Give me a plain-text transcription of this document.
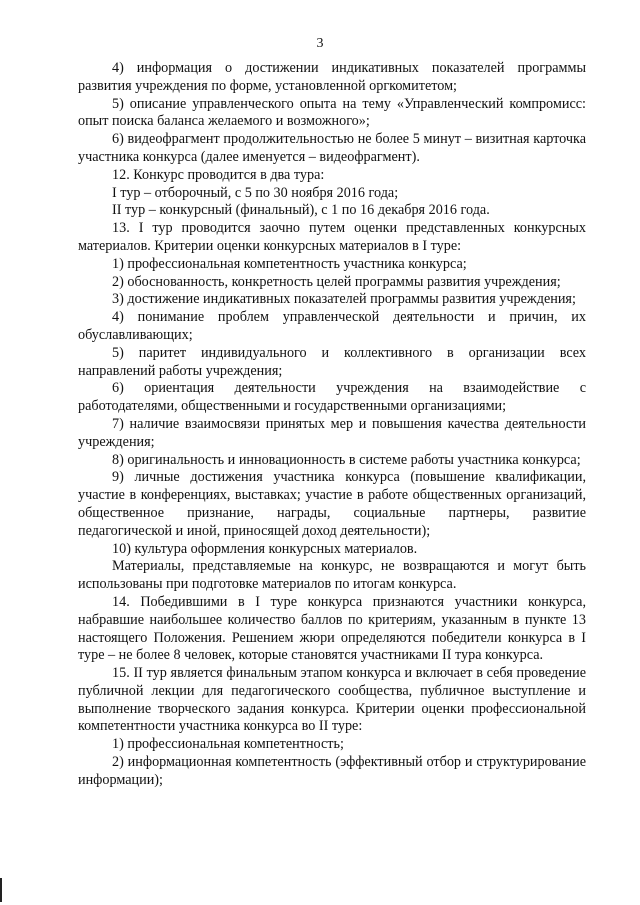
3

4) информация о достижении индикативных показателей программы развития учреждения по форме, установленной оргкомитетом;

5) описание управленческого опыта на тему «Управленческий компромисс: опыт поиска баланса желаемого и возможного»;

6) видеофрагмент продолжительностью не более 5 минут – визитная карточка участника конкурса (далее именуется – видеофрагмент).

12. Конкурс проводится в два тура:

I тур – отборочный, с 5 по 30 ноября 2016 года;

II тур – конкурсный (финальный), с 1 по 16 декабря 2016 года.

13. I тур проводится заочно путем оценки представленных конкурсных материалов. Критерии оценки конкурсных материалов в I туре:

1) профессиональная компетентность участника конкурса;

2) обоснованность, конкретность целей программы развития учреждения;

3) достижение индикативных показателей программы развития учреждения;

4) понимание проблем управленческой деятельности и причин, их обуславливающих;

5) паритет индивидуального и коллективного в организации всех направлений работы учреждения;

6) ориентация деятельности учреждения на взаимодействие с работодателями, общественными и государственными организациями;

7) наличие взаимосвязи принятых мер и повышения качества деятельности учреждения;

8) оригинальность и инновационность в системе работы участника конкурса;

9) личные достижения участника конкурса (повышение квалификации, участие в конференциях, выставках; участие в работе общественных организаций, общественное признание, награды, социальные партнеры, развитие педагогической и иной, приносящей доход деятельности);

10) культура оформления конкурсных материалов.

Материалы, представляемые на конкурс, не возвращаются и могут быть использованы при подготовке материалов по итогам конкурса.

14. Победившими в I туре конкурса признаются участники конкурса, набравшие наибольшее количество баллов по критериям, указанным в пункте 13 настоящего Положения. Решением жюри определяются победители конкурса в I туре – не более 8 человек, которые становятся участниками II тура конкурса.

15. II тур является финальным этапом конкурса и включает в себя проведение публичной лекции для педагогического сообщества, публичное выступление и выполнение творческого задания конкурса. Критерии оценки профессиональной компетентности участника конкурса во II туре:

1) профессиональная компетентность;

2) информационная компетентность (эффективный отбор и структурирование информации);
